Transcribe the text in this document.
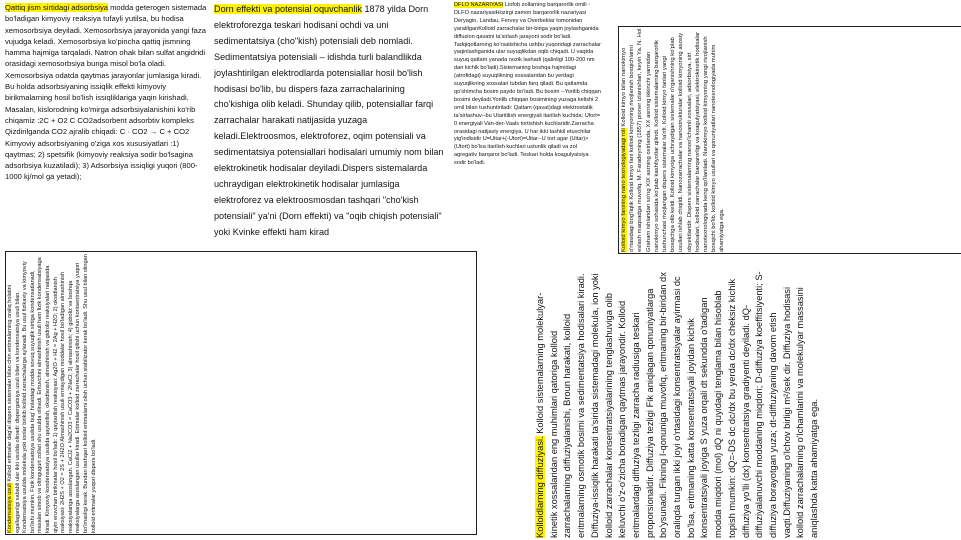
Qattiq jism sirtidagi adsorbsiya modda geterogen sistemada bo'ladigan kimyoviy reaksiya tufayli yutilsa, bu hodisa xemosorbsiya deyiladi. Xemosorbsiya jarayonida yangi faza vujudga keladi. Xemosorbsiya ko'pincha qattiq jismning hamma hajmiga tarqaladi. Natron ohak bilan sulfat angidridi orasidagi xemosorbsiya bunga misol bo'la oladi. Xemosorbsiya odatda qaytmas jarayonlar jumlasiga kiradi. Bu holda adsorbsiyaning issiqlik effekti kimyoviy birikmalarning hosil bo'lish issiqliklariga yaqin kirishadi. Masalan, kislorodning ko'mirga adsorbsiyalanishini ko'rib chiqamiz :2C + O2 C CO2adsorbent adsorbtiv kompleks Qizdirilganda CO2 ajralib chiqadi: C · CO2 → C + CO2 Kimyoviy adsorbsiyaning o'ziga xos xususiyatlari :1) qaytmas; 2) spetsifik (kimyoviy reaksiya sodir bo'lsagina adsorbsiya kuzatiladi); 3) Adsorbsiya issiqligi yuqori (800-1000 kj/mol ga yetadi);

Dorn effekti va potensial oquvchanlik 1878 yilda Dorn elektroforezga teskari hodisani ochdi va uni sedimentatsiya (cho"kish) potensiali deb nomladi. Sedimentatsiya potensiali – idishda turli balandlikda joylashtirilgan elektrodlarda potensiallar hosil bo'lish hodisasi bo'lib, bu dispers faza zarrachalarining cho'kishiga olib keladi. Shunday qilib, potensiallar farqi zarrachalar harakati natijasida yuzaga keladi.Elektroosmos, elektroforez, oqim potensiali va sedimentatsiya potensiallari hodisalari umumiy nom bilan elektrokinetik hodisalar deyiladi.Dispers sistemalarda uchraydigan elektrokinetik hodisalar jumlasiga elektroforez va elektroosmosdan tashqari "cho'kish potensiali" ya'ni (Dorn effekti) va "oqib chiqish potensiali" yoki Kvinke effekti ham kirad

DFLO NAZARIYASI Liofob zollarning barqarorlik omili - DLFO nazariyasiHozirgi zamon barqarorlik nazariyasi Deryagin, Landau, Fervey va Overbeklar tomonidan yaratilganKolloid zarrachalar bir-biriga yaqin joylashganida diffuzion qavatni ta'sirlash jarayoni sodir bo'ladi. Tadqiqotlarning ko'rsatishicha ushbu yuqoridagi zarrachalar yaqinlashganida ular suyuqlikdan oqib chiqadi. U vaqtda suyuq qatlam yanada nozik lashadi (qalinligi 100-200 nm dan kichik bo'ladi).Sistemaning boshqa hajmidagi (atrofidagi) suyuqlikning xossalaridan bu yerdagi suyuqlikning xossalari tubdan farq qiladi. Bu qatlamda qo'shimcha bosim paydo bo'ladi. Bu bosim --Yorilib chiqqan bosimi deyiladi.Yorilib chiqqan bosimining yuzaga kelishi 2 omil bilan tushuntiriladi: Qatlam (qavat)dagi elektrostatik ta'sirlashuv--bu Utaritilish energiyali itarilish kuchida; Ufort= 0 energiyali Van-der-Vaals tortishish kuchlaridir.Zarracha orasidagi natijaviy energiya. U har ikki tashkil etuvchilar yig'indisidir U=Uitar+(-Utort)=Uitar--U tort agar (Uitar)>(Utort) bo'lsa itarilish kuchlari ustunlik qiladi va zol agregativ barqaror bo'ladi. Teskari holda koagulyatsiya sodir bo'ladi.	Kolloid kimyo fanining nano texnologiyadagi roli Kolloid kimyo bilan nanokimyo o'rtasidagi bog'liqlik Kolloid kimyo fani kolloid kimyoning rivojlanish bosqichlarini eslash maqsadga muvofiq. M. Faradeyning (1857) pioner izlanishlari, keyin Ya. N. Hol Graham ishlaridan so'ng XIX asrning oxirlarida, XX asrning ikkinchi yarmidan nanokimyo sohasida ko'plab kashfiyotlar qilindi. Kolloid sistemalarning barqarorlik tushunchasi rivojlangan dispers sistemalar ta'rifi. Kolloid kimyo fanlari yangi bosqichga olib keldi. Kolloid kimyoga uchraydigan sistemalar o'rganishning ko'plab usullari ishlab chiqildi. Nanozarrachalar va nanostrukturalar kolloid kimyoning asosiy obyektlaridir. Dispers sistemalarning nanoo'lchamli xossalari, adsorbsiya, sirt hodisalari, kolloid zarrachalar barqarorligi va koagulyatsiyasi, elektrokinetik hodisalar nanotexnologiyada keng qo'llaniladi. Nanokimyo kolloid kimyoning yangi rivojlanish bosqichi bo'lib, kolloid kimyo usullari va qonuniyatlari nanotexnologiyada muhim ahamiyatga ega.

Kondensatsiya usuli Kolloid eritmalar dag'al dispers sistemalar bilan chin eritmalarning oraliq holatini egallaganligi sababli ular ikki usulda olinadi: dispergatsiya usuli bilan va kondensatsiya usuli bilan. Kondensatsiya usulida molekula yoki ionlar birikib kolloid zarrachalarga aylanadi. Bu usul fizikaviy va kimyoviy bo'lishi mumkin. Fizik kondensatsiya usulida bug' holatdagi modda sovuq suyuqlik sirtiga kondensatlanadi, masalan simob va oltingugurt zollari shu usulda olinadi. Erituvchini almashtirish usuli ham fizik kondensatsiyaga kiradi. Kimyoviy kondensatsiya usulida qaytarilish, oksidlanish, almashinish va gidroliz reaksiyalari natijasida qiyin eruvchan birikmalar hosil bo'ladi: 1) qaytarilish reaksiyasi: Ag2O + H2 = 2Ag + H2O; 2) oksidlanish reaksiyasi: 2H2S + O2 = 2S + 2H2O Almashinish usuli ermaydigan moddalar hosil bo'ladigan almashinish reaksiyalariga asoslangan. CaCl2 + Na2CO3 = CaCO3 + 2NaCl; 3) almashinish; 4) gidroliz va boshqa reaksiyalarga asoslangan usullar kiradi. Eritmalar kolloid zarrachalar hosil qilishi uchun kontsentratsiya yuqori bo'lmasligi kerak. Bundan tashqari kolloid eritmalarni olish uchun stabilizator kerak bo'ladi. Shu usul bilan olingan kolloid eritmalar yuqori dispers bo'ladi.	Kolloidlarning diffuziyasi. Kolloid sistemalarning molekulyar-kinetik xossalaridan eng muhimlari qatoriga kolloid zarrachalarning diffuziyalanishi, Broun harakati, kolloid eritmalarning osmotik bosimi va sedimentatsiya hodisalari kiradi. Diffuziya-issiqlik harakati ta'sirida sistemadagi molekula, ion yoki kolloid zarrachalar konsentratsiyalarining tenglashuviga olib keluvchi o'z-o'zicha boradigan qaytmas jarayondir. Kolloid eritmalardagi diffuziya tezligi zarracha radiusiga teskari proporsionaldir. Diffuziya tezligi Fik aniqlagan qonuniyatlarga bo'ysunadi. Fikning I-qonuniga muvofiq, eritmaning bir-biridan dx oraliqda turgan ikki joyi o'rtasidagi konsentratsiyalar ayirmasi dc bo'lsa, eritmaning katta konsentratsiyali joyidan kichik konsentratsiyali joyiga S yuza orqali dt sekundda o'tadigan modda miqdori (mol) dQ ni quyidagi tenglama bilan hisoblab topish mumkin: dQ=-DS dc dc/dx bu yerda dc/dx cheksiz kichik diffuziya yo'lli (dx) konsentratsiya gradiyenti deyiladi. dQ-diffuziyalanuvchi moddaning miqdori; D-diffuziya koeffitsiyenti; S-diffuziya borayotgan yuza; dt-diffuziyaning davom etish vaqti.Diffuziyaning o'lchov birligi m²/sek dir. Diffuziya hodisasi kolloid zarrachalarning o'lchamlarini va molekulyar massasini aniqlashda katta ahamiyatga ega.
